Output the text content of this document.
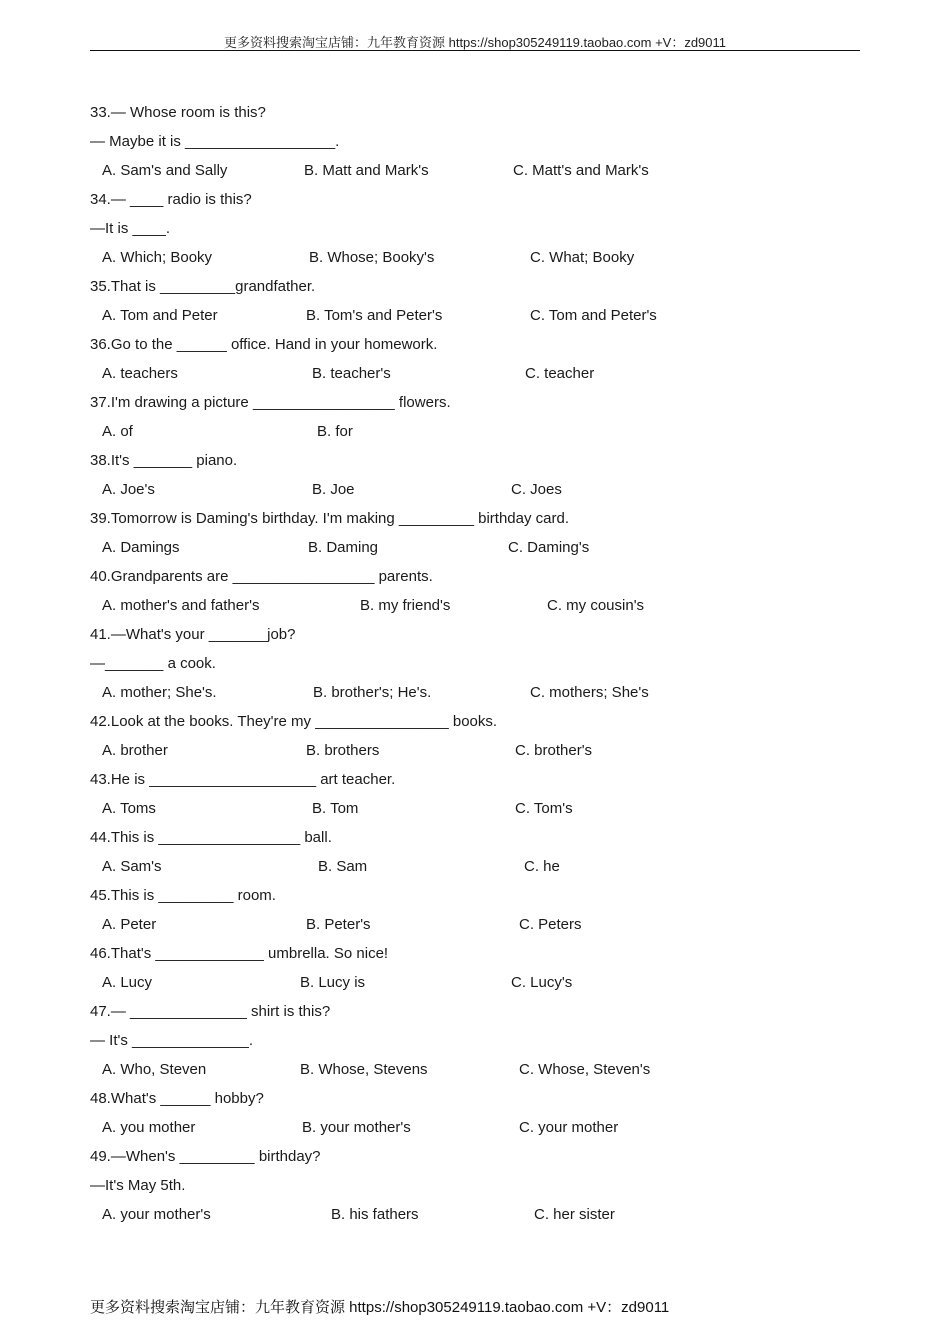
更多资料搜索淘宝店铺：九年教育资源 https://shop305249119.taobao.com +V：zd9011
33.— Whose room is this?
— Maybe it is __________________.
A. Sam's and Sally	B. Matt and Mark's	C. Matt's and Mark's
34.— ____ radio is this?
—It is ____.
A. Which; Booky	B. Whose; Booky's	C. What; Booky
35.That is _________grandfather.
A. Tom and Peter	B. Tom's and Peter's	C. Tom and Peter's
36.Go to the ______ office. Hand in your homework.
A. teachers	B. teacher's	C. teacher
37.I'm drawing a picture _________________ flowers.
A. of	B. for
38.It's _______ piano.
A. Joe's	B. Joe	C. Joes
39.Tomorrow is Daming's birthday. I'm making _________ birthday card.
A. Damings	B. Daming	C. Daming's
40.Grandparents are _________________ parents.
A. mother's and father's	B. my friend's	C. my cousin's
41.—What's your _______job?
—_______ a cook.
A. mother; She's.	B. brother's; He's.	C. mothers; She's
42.Look at the books. They're my ________________ books.
A. brother	B. brothers	C. brother's
43.He is ____________________ art teacher.
A. Toms	B. Tom	C. Tom's
44.This is _________________ ball.
A. Sam's	B. Sam	C. he
45.This is _________ room.
A. Peter	B. Peter's	C. Peters
46.That's _____________ umbrella. So nice!
A. Lucy	B. Lucy is	C. Lucy's
47.— ______________ shirt is this?
— It's ______________.
A. Who, Steven	B. Whose, Stevens	C. Whose, Steven's
48.What's ______ hobby?
A. you mother	B. your mother's	C. your mother
49.—When's _________ birthday?
—It's May 5th.
A. your mother's	B. his fathers	C. her sister
更多资料搜索淘宝店铺：九年教育资源 https://shop305249119.taobao.com +V：zd9011
